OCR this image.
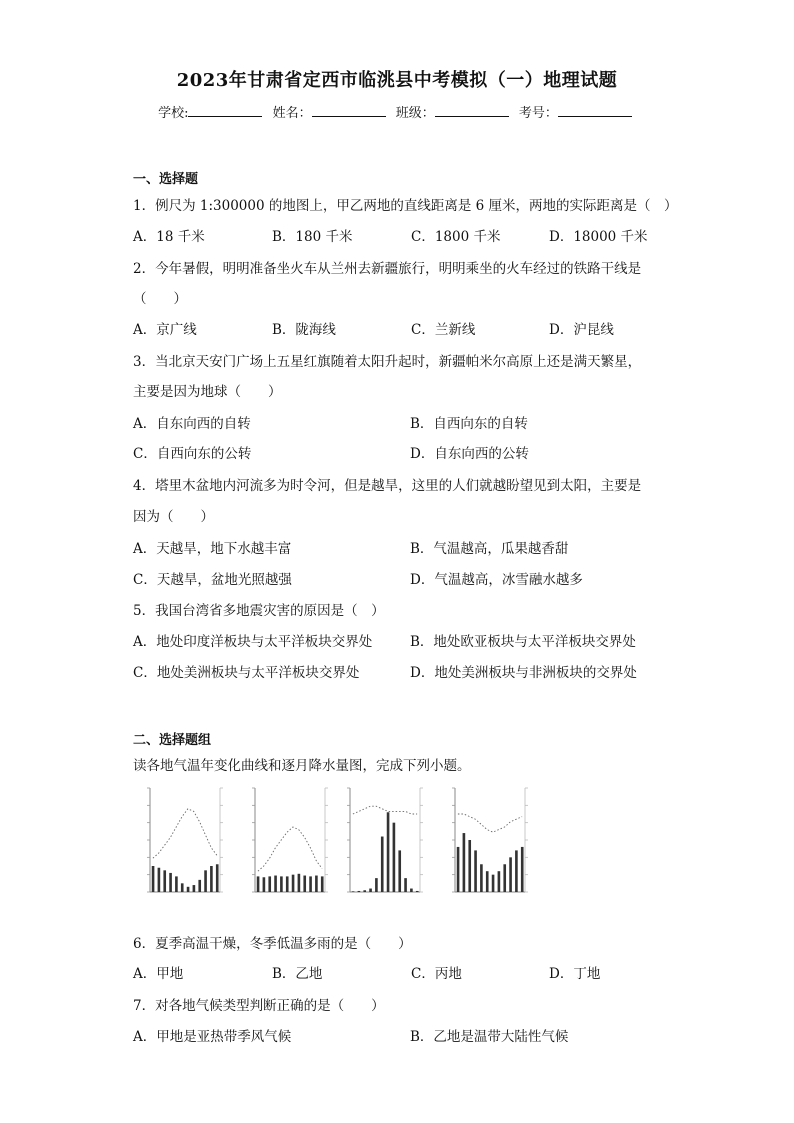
2023年甘肃省定西市临洮县中考模拟（一）地理试题
学校:	姓名：	班级：	考号：
一、选择题
1．例尺为 1:300000 的地图上，甲乙两地的直线距离是 6 厘米，两地的实际距离是（　）
A．18 千米	B．180 千米	C．1800 千米	D．18000 千米
2．今年暑假，明明准备坐火车从兰州去新疆旅行，明明乘坐的火车经过的铁路干线是
（　　）
A．京广线	B．陇海线	C．兰新线	D．沪昆线
3．当北京天安门广场上五星红旗随着太阳升起时，新疆帕米尔高原上还是满天繁星，
主要是因为地球（　　）
A．自东向西的自转	B．自西向东的自转
C．自西向东的公转	D．自东向西的公转
4．塔里木盆地内河流多为时令河，但是越旱，这里的人们就越盼望见到太阳，主要是
因为（　　）
A．天越旱，地下水越丰富	B．气温越高，瓜果越香甜
C．天越旱，盆地光照越强	D．气温越高，冰雪融水越多
5．我国台湾省多地震灾害的原因是（　）
A．地处印度洋板块与太平洋板块交界处	B．地处欧亚板块与太平洋板块交界处
C．地处美洲板块与太平洋板块交界处	D．地处美洲板块与非洲板块的交界处
二、选择题组
读各地气温年变化曲线和逐月降水量图，完成下列小题。
6．夏季高温干燥，冬季低温多雨的是（　　）
A．甲地	B．乙地	C．丙地	D．丁地
7．对各地气候类型判断正确的是（　　）
A．甲地是亚热带季风气候	B．乙地是温带大陆性气候
